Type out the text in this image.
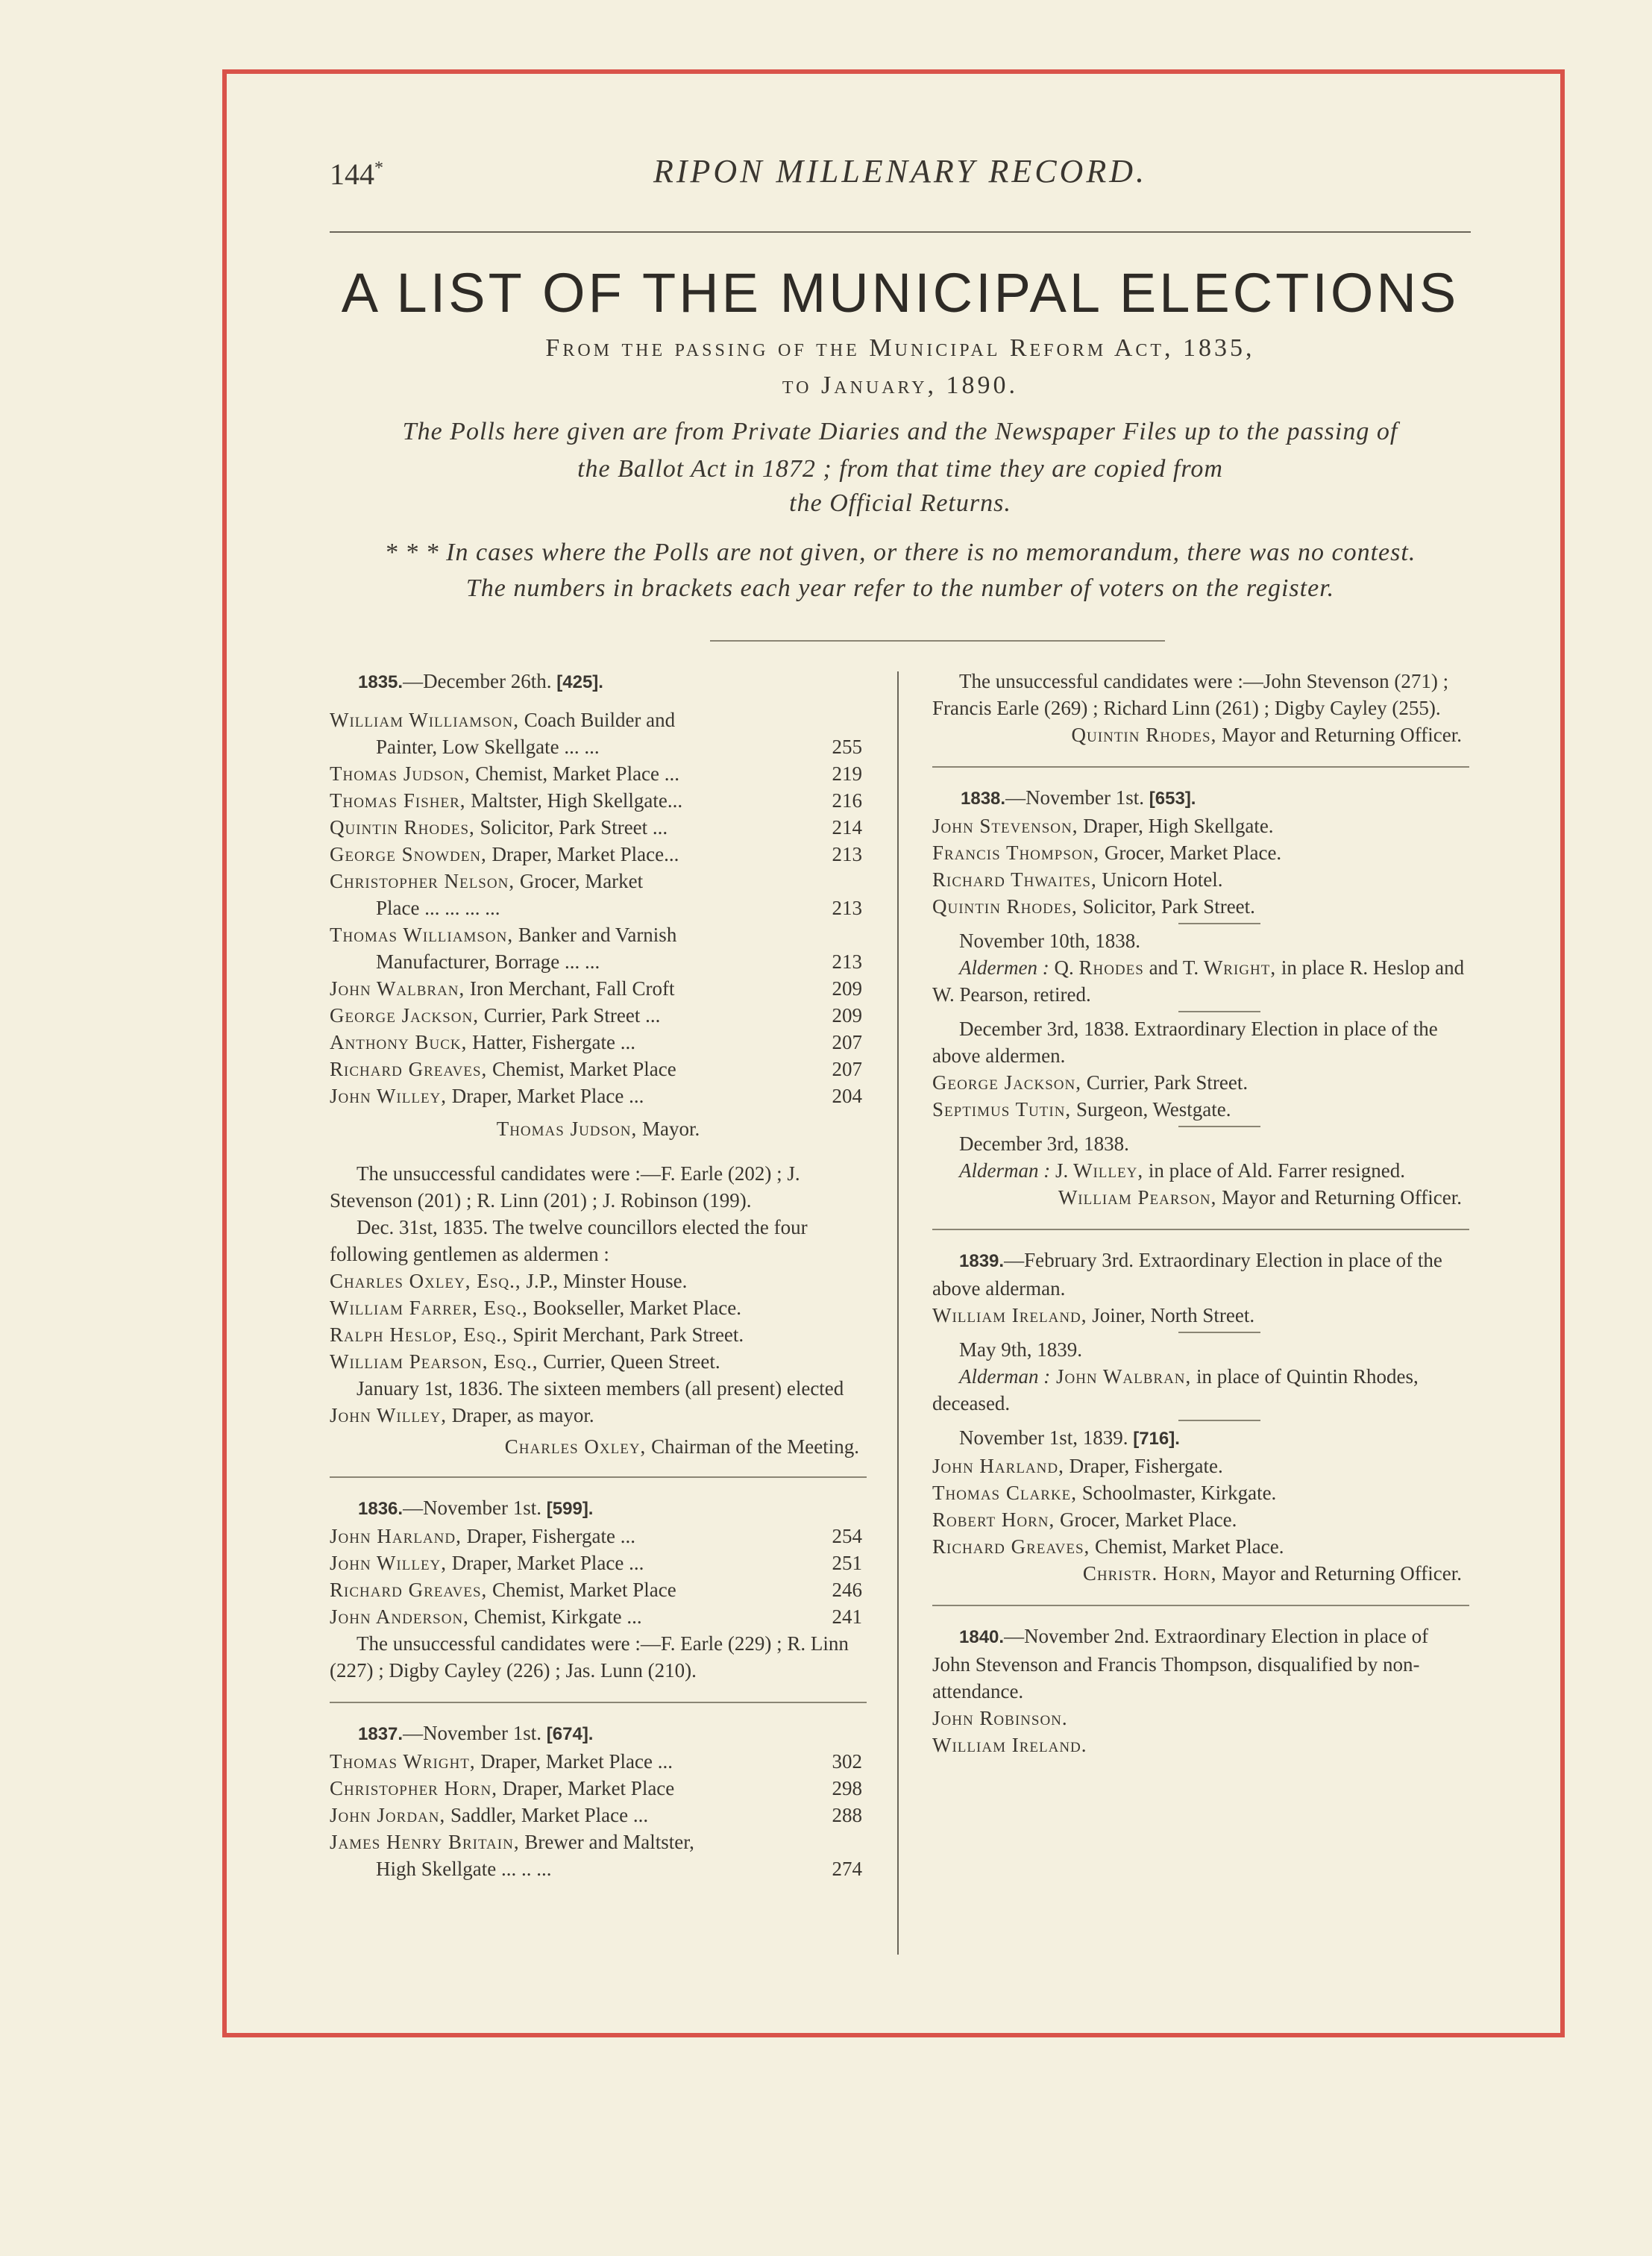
144*	RIPON MILLENARY RECORD.
A LIST OF THE MUNICIPAL ELECTIONS
From the passing of the Municipal Reform Act, 1835,
to January, 1890.
The Polls here given are from Private Diaries and the Newspaper Files up to the passing of
the Ballot Act in 1872 ; from that time they are copied from
the Official Returns.
* * * In cases where the Polls are not given, or there is no memorandum, there was no contest.
The numbers in brackets each year refer to the number of voters on the register.
1835.—December 26th. [425].
William Williamson, Coach Builder and
Painter, Low Skellgate ... ...	255
Thomas Judson, Chemist, Market Place ...	219
Thomas Fisher, Maltster, High Skellgate...	216
Quintin Rhodes, Solicitor, Park Street ...	214
George Snowden, Draper, Market Place...	213
Christopher Nelson, Grocer, Market
Place ... ... ... ...	213
Thomas Williamson, Banker and Varnish
Manufacturer, Borrage ... ...	213
John Walbran, Iron Merchant, Fall Croft	209
George Jackson, Currier, Park Street ...	209
Anthony Buck, Hatter, Fishergate ...	207
Richard Greaves, Chemist, Market Place	207
John Willey, Draper, Market Place ...	204
Thomas Judson, Mayor.
The unsuccessful candidates were :—F. Earle (202) ; J. Stevenson (201) ; R. Linn (201) ; J. Robinson (199).
Dec. 31st, 1835. The twelve councillors elected the four following gentlemen as aldermen :
Charles Oxley, Esq., J.P., Minster House.
William Farrer, Esq., Bookseller, Market Place.
Ralph Heslop, Esq., Spirit Merchant, Park Street.
William Pearson, Esq., Currier, Queen Street.
January 1st, 1836. The sixteen members (all present) elected John Willey, Draper, as mayor.
Charles Oxley, Chairman of the Meeting.
1836.—November 1st. [599].
John Harland, Draper, Fishergate ...	254
John Willey, Draper, Market Place ...	251
Richard Greaves, Chemist, Market Place	246
John Anderson, Chemist, Kirkgate ...	241
The unsuccessful candidates were :—F. Earle (229) ; R. Linn (227) ; Digby Cayley (226) ; Jas. Lunn (210).
1837.—November 1st. [674].
Thomas Wright, Draper, Market Place ...	302
Christopher Horn, Draper, Market Place	298
John Jordan, Saddler, Market Place ...	288
James Henry Britain, Brewer and Maltster,
High Skellgate ... .. ...	274
The unsuccessful candidates were :—John Stevenson (271) ; Francis Earle (269) ; Richard Linn (261) ; Digby Cayley (255).
Quintin Rhodes, Mayor and Returning Officer.
1838.—November 1st. [653].
John Stevenson, Draper, High Skellgate.
Francis Thompson, Grocer, Market Place.
Richard Thwaites, Unicorn Hotel.
Quintin Rhodes, Solicitor, Park Street.
November 10th, 1838.
Aldermen : Q. Rhodes and T. Wright, in place R. Heslop and W. Pearson, retired.
December 3rd, 1838. Extraordinary Election in place of the above aldermen.
George Jackson, Currier, Park Street.
Septimus Tutin, Surgeon, Westgate.
December 3rd, 1838.
Alderman : J. Willey, in place of Ald. Farrer resigned.
William Pearson, Mayor and Returning Officer.
1839.—February 3rd. Extraordinary Election in place of the above alderman.
William Ireland, Joiner, North Street.
May 9th, 1839.
Alderman : John Walbran, in place of Quintin Rhodes, deceased.
November 1st, 1839. [716].
John Harland, Draper, Fishergate.
Thomas Clarke, Schoolmaster, Kirkgate.
Robert Horn, Grocer, Market Place.
Richard Greaves, Chemist, Market Place.
Christr. Horn, Mayor and Returning Officer.
1840.—November 2nd. Extraordinary Election in place of John Stevenson and Francis Thompson, disqualified by non-attendance.
John Robinson.
William Ireland.
